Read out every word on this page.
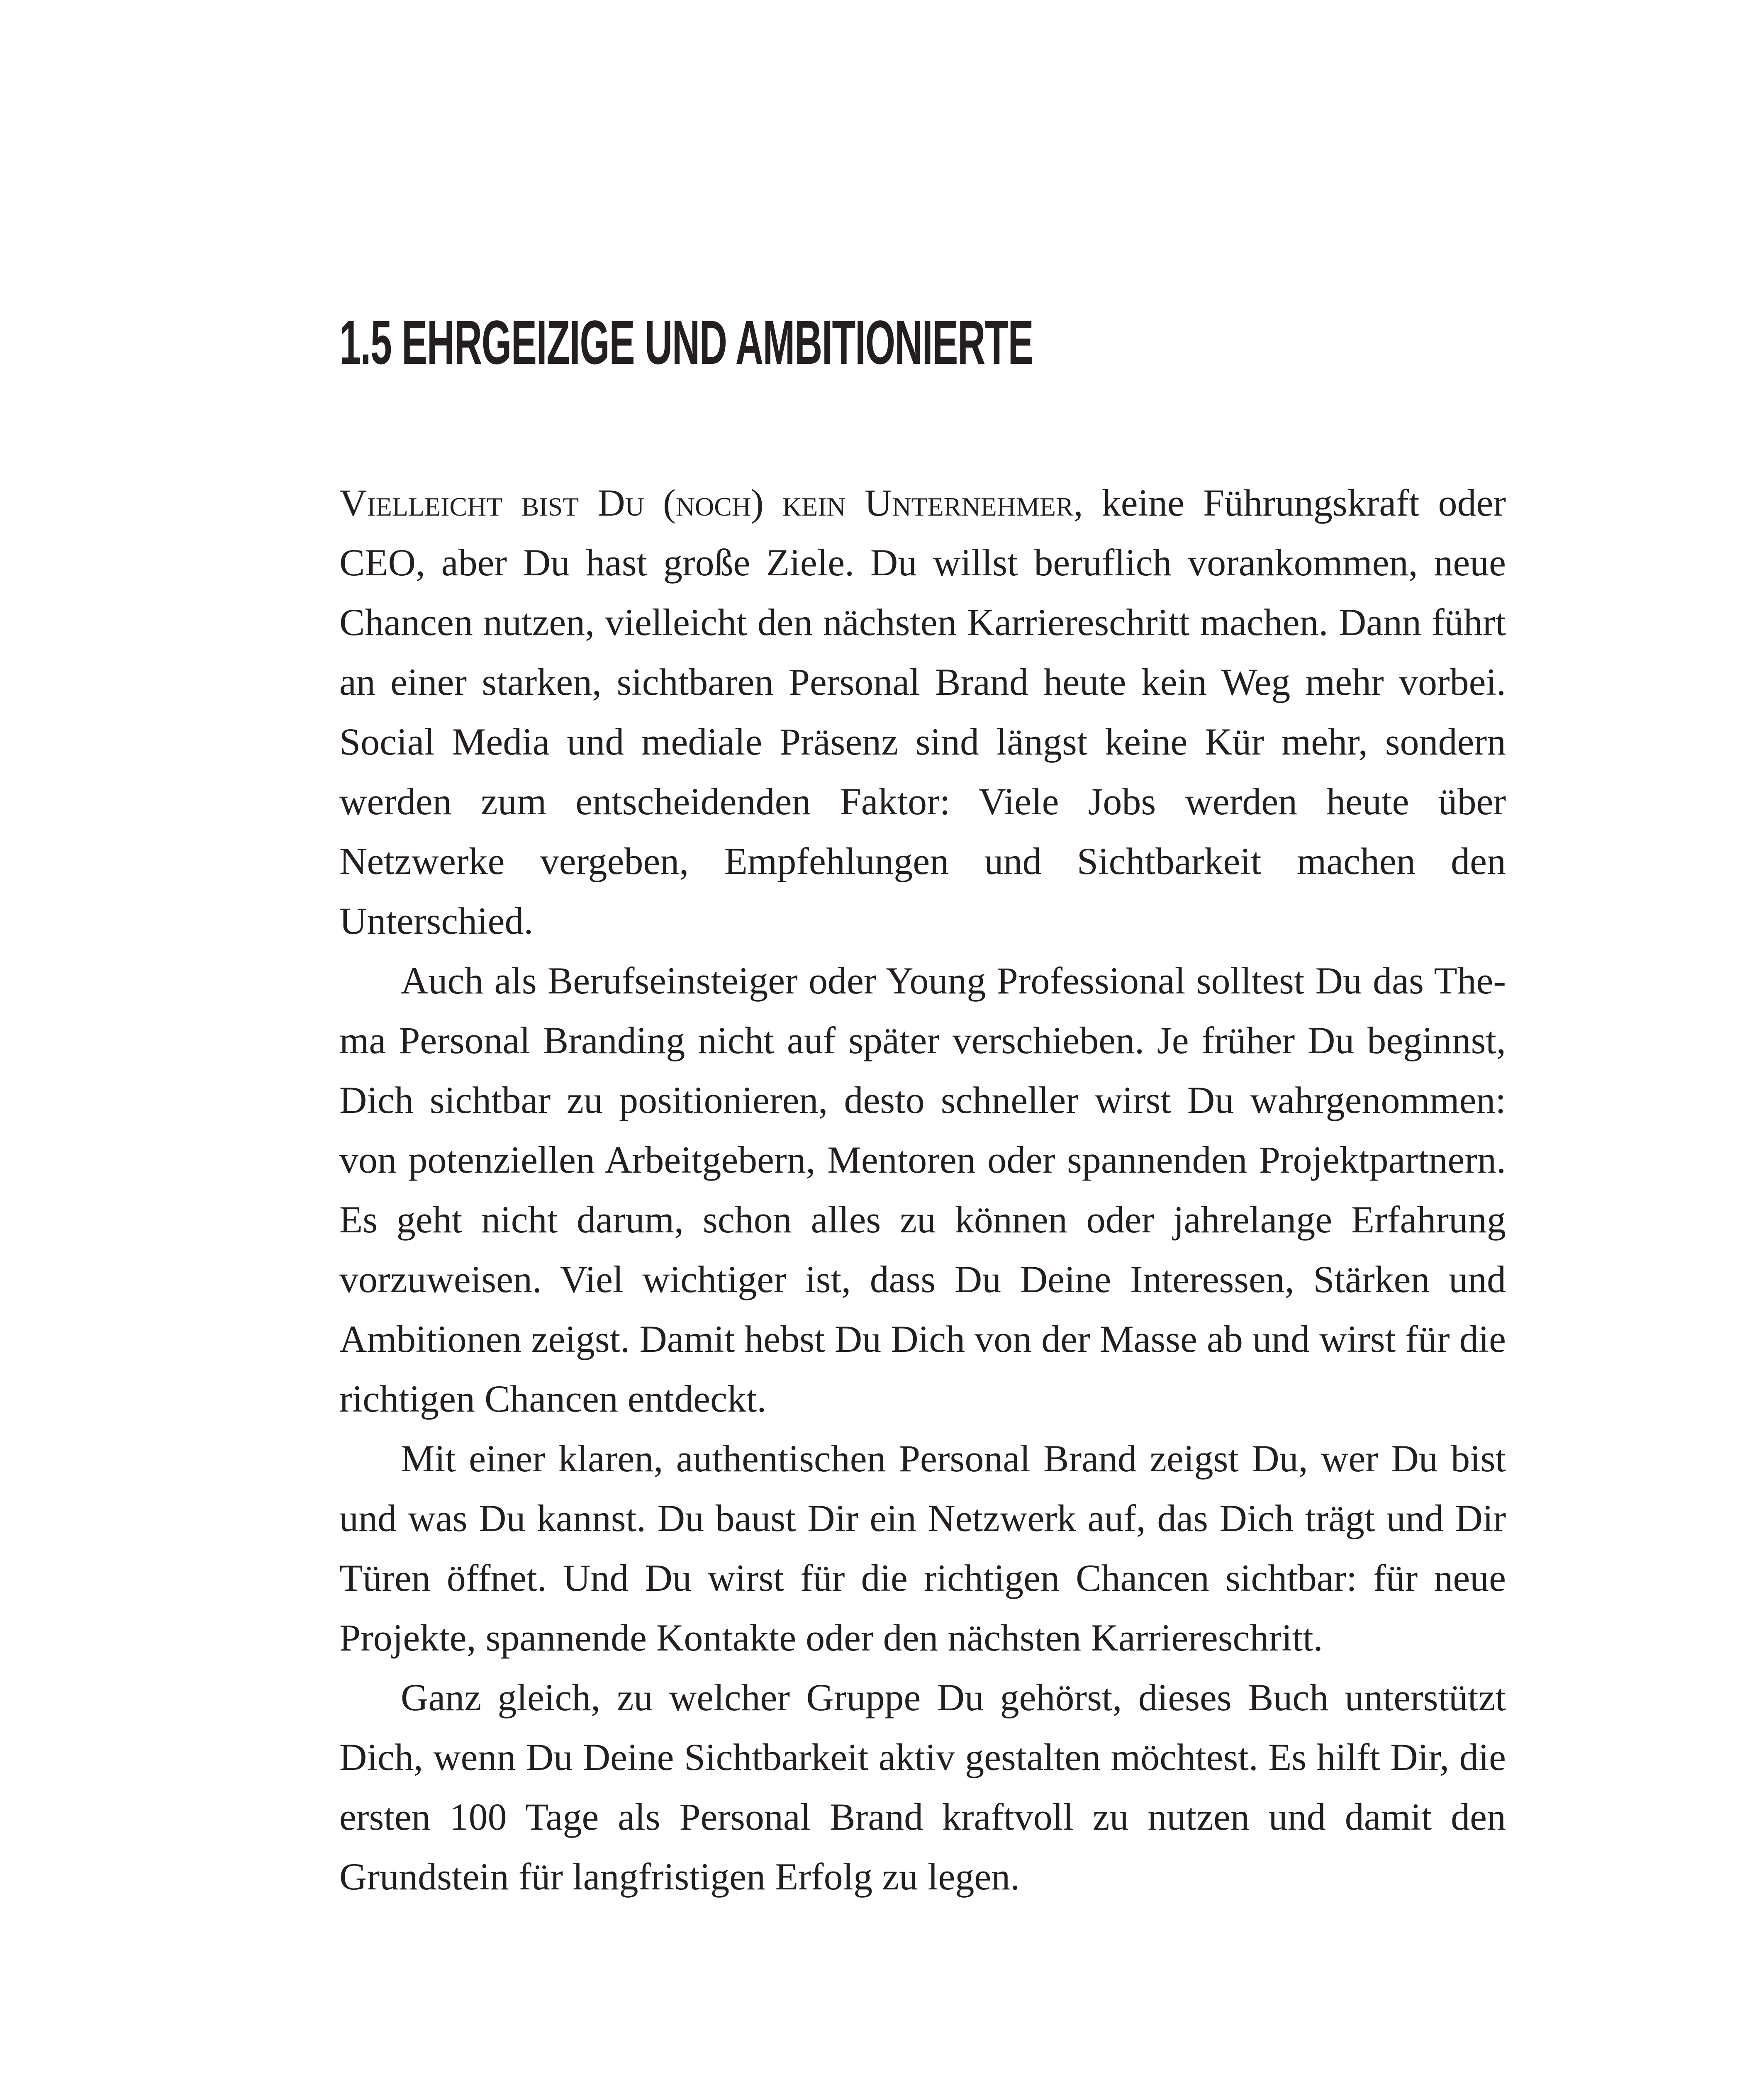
1.5 EHRGEIZIGE UND AMBITIONIERTE

Vielleicht bist Du (noch) kein Unternehmer, keine Führungskraft oder CEO, aber Du hast große Ziele. Du willst beruflich vorankommen, neue Chancen nutzen, vielleicht den nächsten Karriereschritt machen. Dann führt an einer starken, sichtbaren Personal Brand heute kein Weg mehr vorbei. Social Media und mediale Präsenz sind längst keine Kür mehr, sondern werden zum entscheidenden Faktor: Viele Jobs werden heute über Netzwerke vergeben, Empfehlungen und Sichtbarkeit machen den Unterschied.

Auch als Berufseinsteiger oder Young Professional solltest Du das Thema Personal Branding nicht auf später verschieben. Je früher Du beginnst, Dich sichtbar zu positionieren, desto schneller wirst Du wahrgenommen: von potenziellen Arbeitgebern, Mentoren oder spannenden Projektpartnern. Es geht nicht darum, schon alles zu können oder jahrelange Erfahrung vorzuweisen. Viel wichtiger ist, dass Du Deine Interessen, Stärken und Ambitionen zeigst. Damit hebst Du Dich von der Masse ab und wirst für die richtigen Chancen entdeckt.

Mit einer klaren, authentischen Personal Brand zeigst Du, wer Du bist und was Du kannst. Du baust Dir ein Netzwerk auf, das Dich trägt und Dir Türen öffnet. Und Du wirst für die richtigen Chancen sichtbar: für neue Projekte, spannende Kontakte oder den nächsten Karriereschritt.

Ganz gleich, zu welcher Gruppe Du gehörst, dieses Buch unterstützt Dich, wenn Du Deine Sichtbarkeit aktiv gestalten möchtest. Es hilft Dir, die ersten 100 Tage als Personal Brand kraftvoll zu nutzen und damit den Grundstein für langfristigen Erfolg zu legen.
